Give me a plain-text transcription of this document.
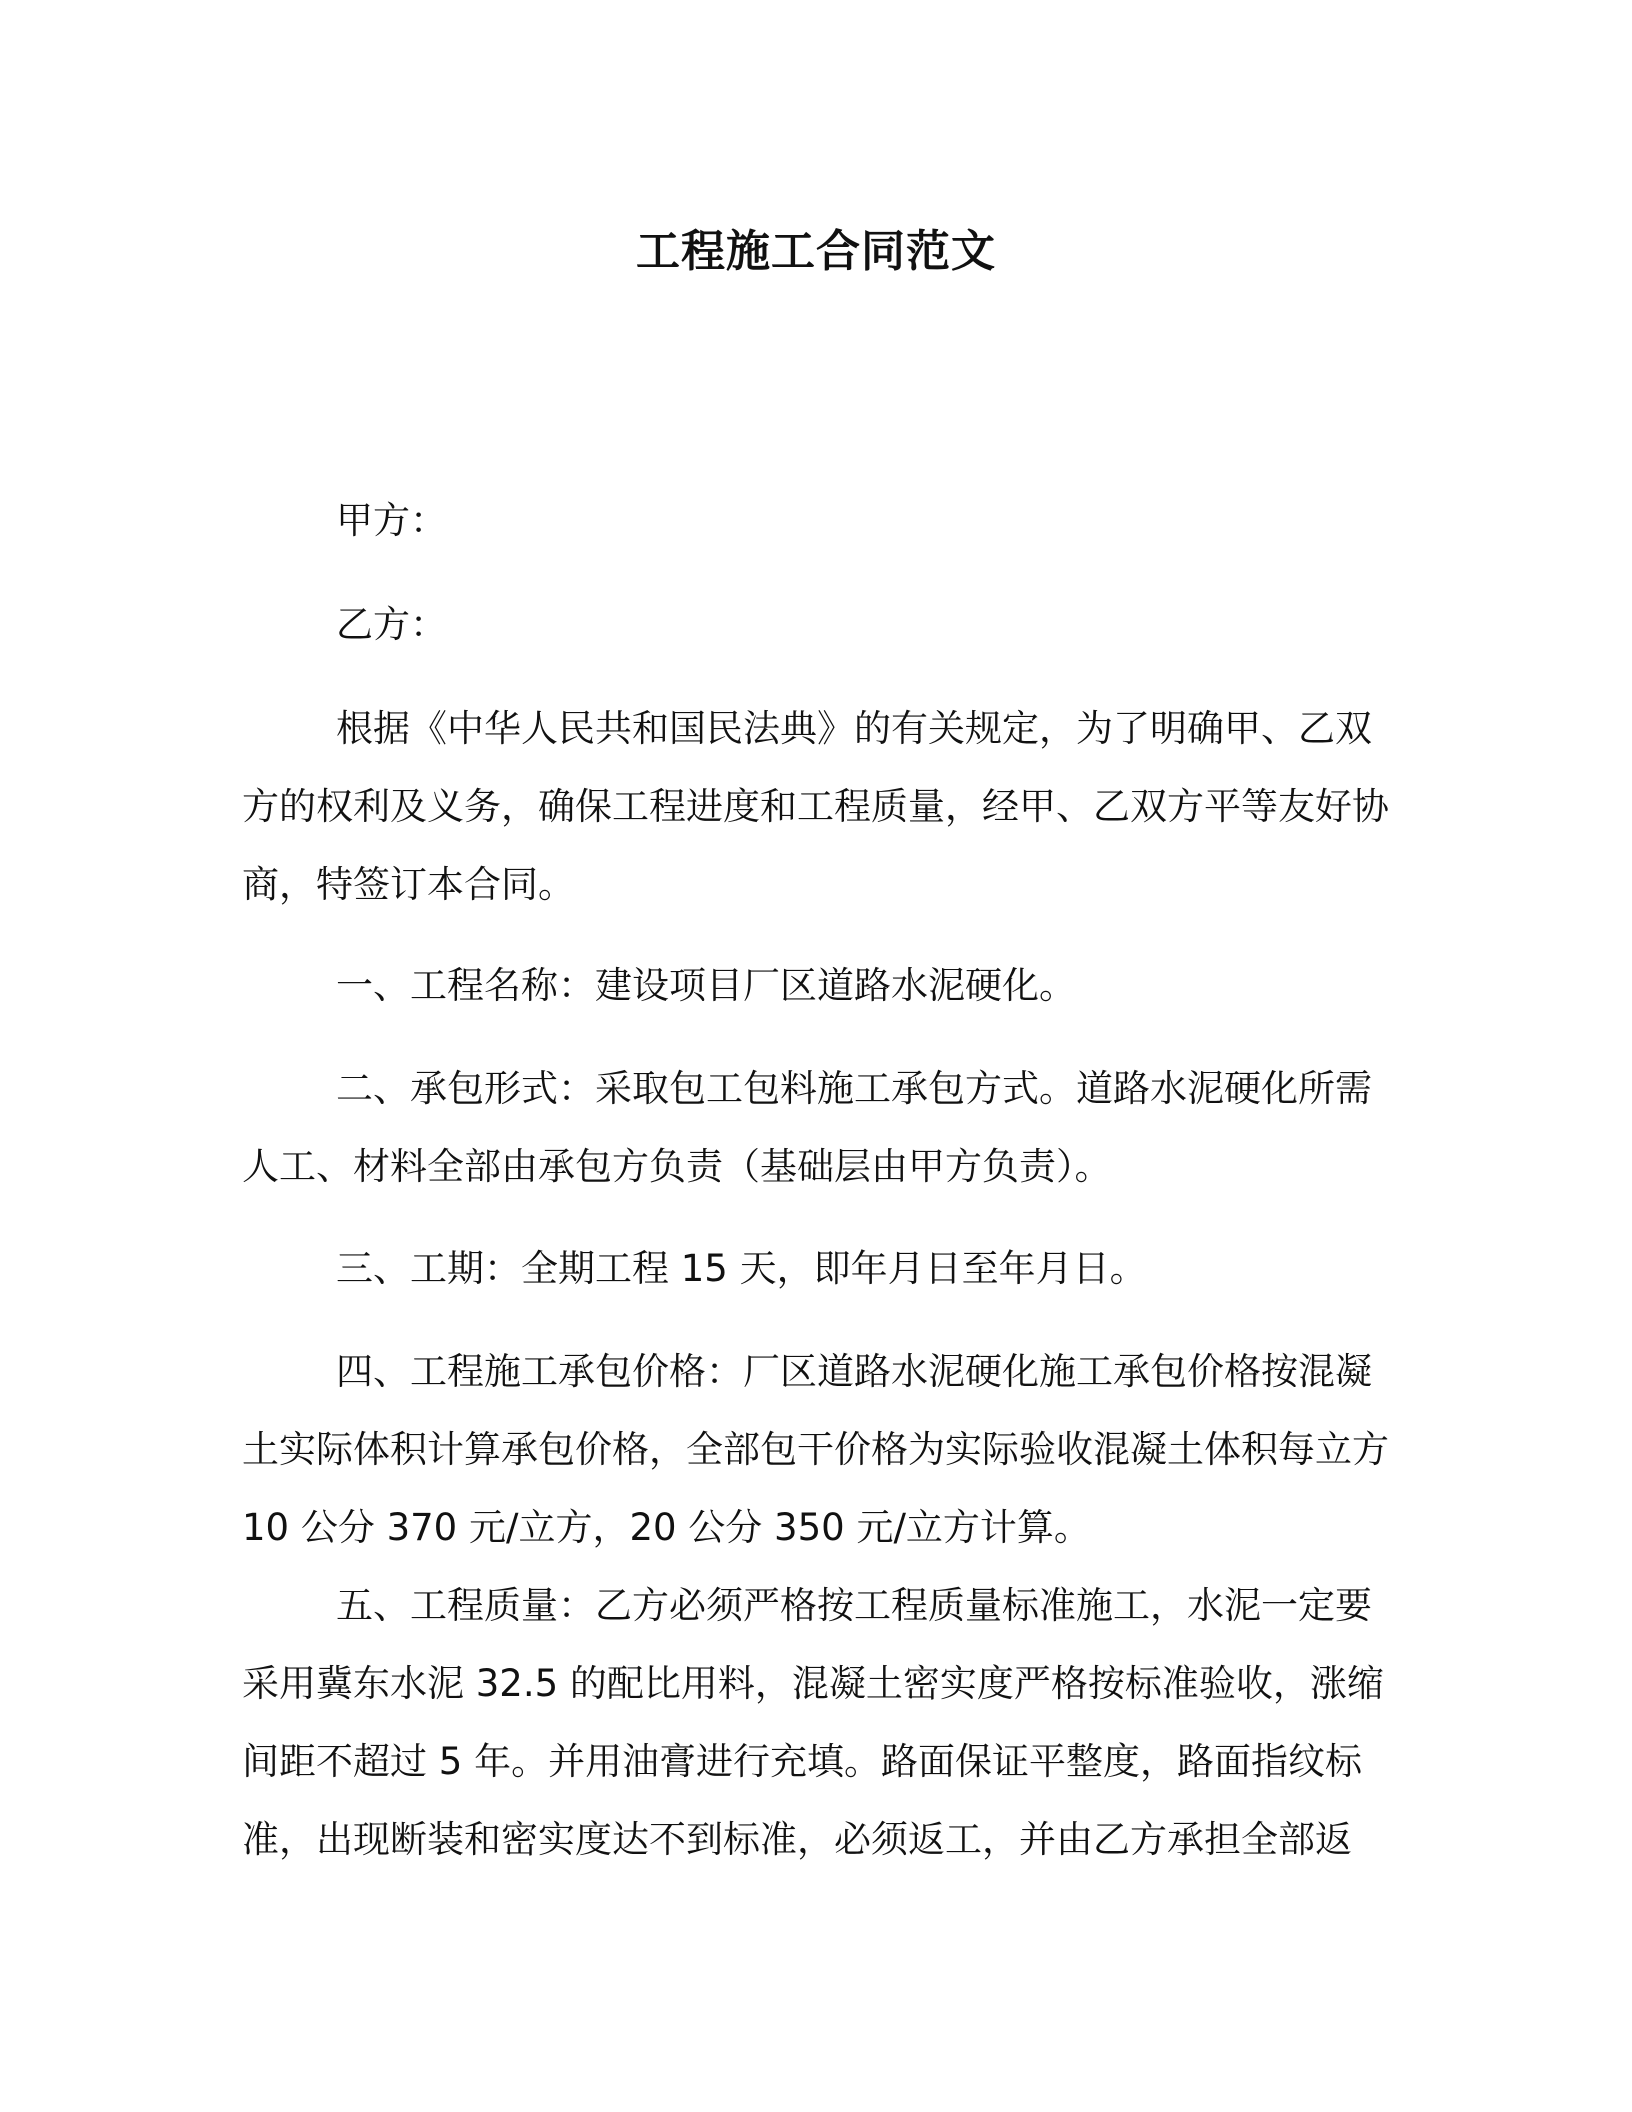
工程施工合同范文

甲方：

乙方：

根据《中华人民共和国民法典》的有关规定，为了明确甲、乙双方的权利及义务，确保工程进度和工程质量，经甲、乙双方平等友好协商，特签订本合同。

一、工程名称：建设项目厂区道路水泥硬化。

二、承包形式：采取包工包料施工承包方式。道路水泥硬化所需人工、材料全部由承包方负责（基础层由甲方负责）。

三、工期：全期工程 15 天，即年月日至年月日。

四、工程施工承包价格：厂区道路水泥硬化施工承包价格按混凝土实际体积计算承包价格，全部包干价格为实际验收混凝土体积每立方 10 公分 370 元/立方，20 公分 350 元/立方计算。

五、工程质量：乙方必须严格按工程质量标准施工，水泥一定要采用冀东水泥 32.5 的配比用料，混凝土密实度严格按标准验收，涨缩间距不超过 5 年。并用油膏进行充填。路面保证平整度，路面指纹标准，出现断装和密实度达不到标准，必须返工，并由乙方承担全部返
